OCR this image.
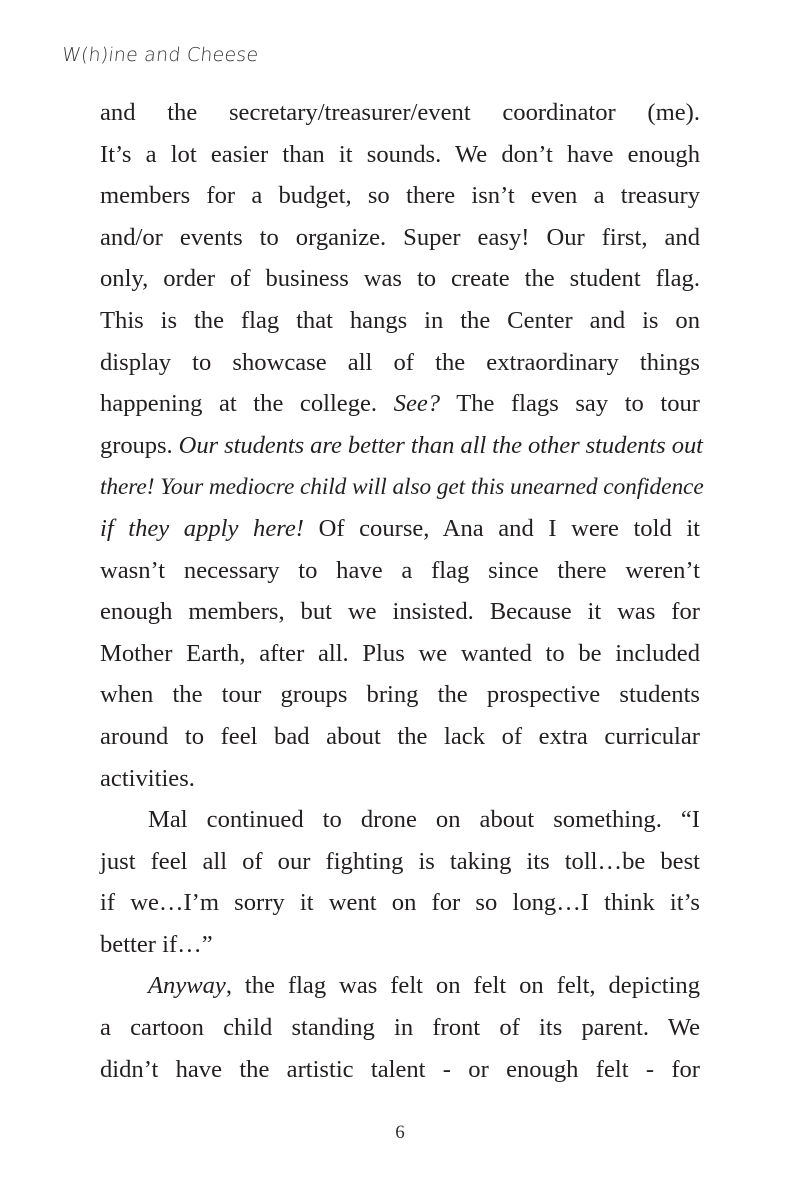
W(h)ine and Cheese
and the secretary/treasurer/event coordinator (me).
It’s a lot easier than it sounds. We don’t have enough
members for a budget, so there isn’t even a treasury
and/or events to organize. Super easy! Our first, and
only, order of business was to create the student flag.
This is the flag that hangs in the Center and is on
display to showcase all of the extraordinary things
happening at the college. See? The flags say to tour
groups. Our students are better than all the other students out
there! Your mediocre child will also get this unearned confidence
if they apply here! Of course, Ana and I were told it
wasn’t necessary to have a flag since there weren’t
enough members, but we insisted. Because it was for
Mother Earth, after all. Plus we wanted to be included
when the tour groups bring the prospective students
around to feel bad about the lack of extra curricular
activities.
Mal continued to drone on about something. “I
just feel all of our fighting is taking its toll…be best
if we…I’m sorry it went on for so long…I think it’s
better if…”
Anyway, the flag was felt on felt on felt, depicting
a cartoon child standing in front of its parent. We
didn’t have the artistic talent - or enough felt - for
6
